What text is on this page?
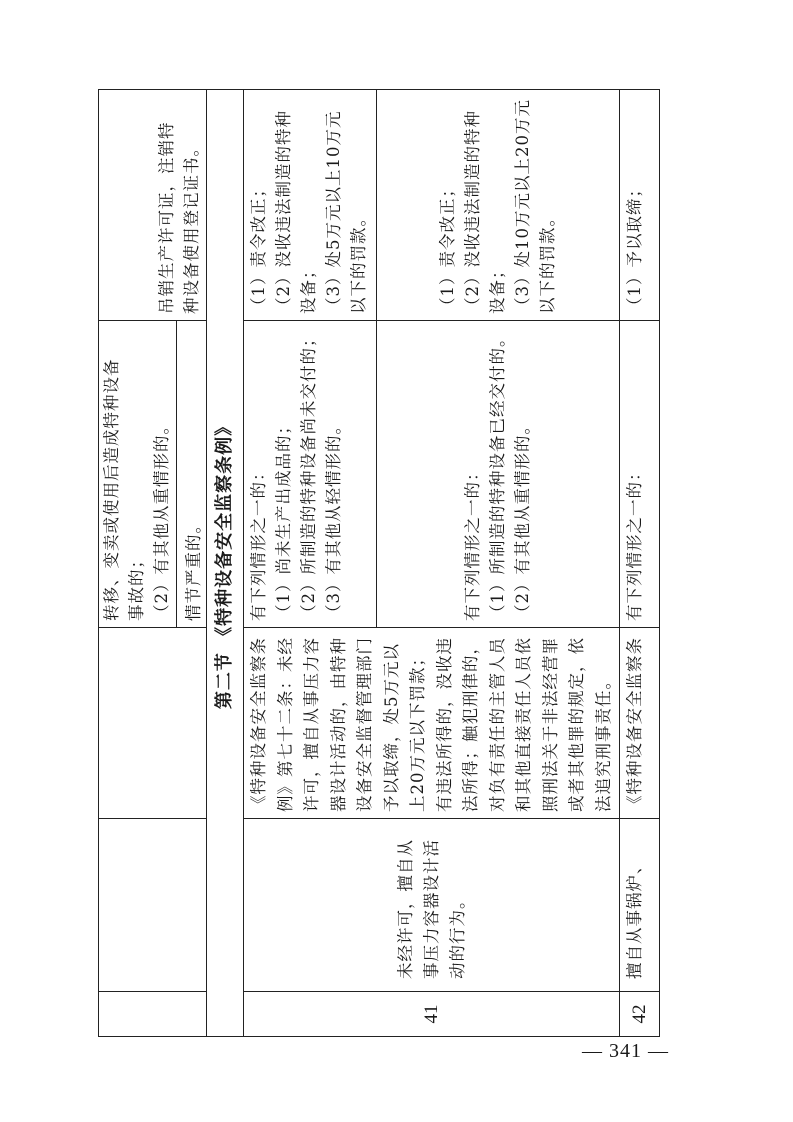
			转移、变卖或使用后造成特种设备 事故的； （2）有其他从重情形的。 情节严重的。	吊销生产许可证，注销特 种设备使用登记证书。

第二节 《特种设备安全监察条例》				
41	未经许可，擅自从事压力容器设计活动的行为。	《特种设备安全监察条例》第七十二条：未经许可，擅自从事压力容器设计活动的，由特种设备安全监督管理部门予以取缔，处5万元以上20万元以下罚款；有违法所得的，没收违法所得；触犯刑律的，对负有责任的主管人员和其他直接责任人员依照刑法关于非法经营罪或者其他罪的规定，依法追究刑事责任。	有下列情形之一的： （1）尚未生产出成品的； （2）所制造的特种设备尚未交付的； （3）有其他从轻情形的。	（1）责令改正； （2）没收违法制造的特种设备； （3）处5万元以上10万元以下的罚款。

			有下列情形之一的： （1）所制造的特种设备已经交付的。 （2）有其他从重情形的。	（1）责令改正； （2）没收违法制造的特种设备； （3）处10万元以上20万元以下的罚款。

42	擅自从事锅炉、	《特种设备安全监察条	有下列情形之一的：	（1）予以取缔；
— 341 —
